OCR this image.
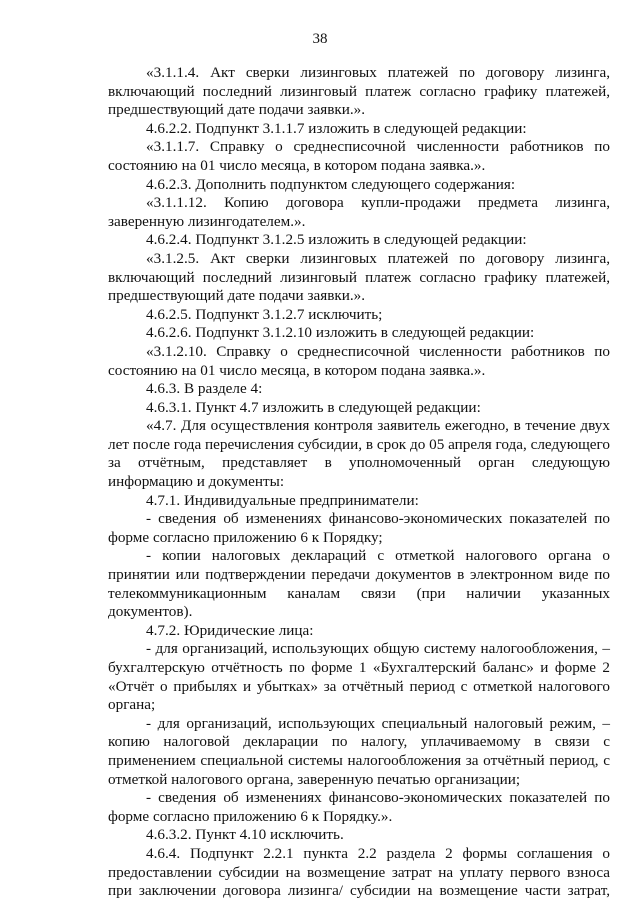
38

«3.1.1.4. Акт сверки лизинговых платежей по договору лизинга,

включающий последний лизинговый платеж согласно графику платежей,

предшествующий дате подачи заявки.».

4.6.2.2. Подпункт 3.1.1.7 изложить в следующей редакции:

«3.1.1.7. Справку о среднесписочной численности работников по

состоянию на 01 число месяца, в котором подана заявка.».

4.6.2.3. Дополнить подпунктом следующего содержания:

«3.1.1.12. Копию договора купли-продажи предмета лизинга,

заверенную лизингодателем.».

4.6.2.4. Подпункт 3.1.2.5 изложить в следующей редакции:

«3.1.2.5. Акт сверки лизинговых платежей по договору лизинга,

включающий последний лизинговый платеж согласно графику платежей,

предшествующий дате подачи заявки.».

4.6.2.5. Подпункт 3.1.2.7 исключить;

4.6.2.6. Подпункт 3.1.2.10 изложить в следующей редакции:

«3.1.2.10. Справку о среднесписочной численности работников по

состоянию на 01 число месяца, в котором подана заявка.».

4.6.3. В разделе 4:

4.6.3.1. Пункт 4.7 изложить в следующей редакции:

«4.7. Для осуществления контроля заявитель ежегодно, в течение двух

лет после года перечисления субсидии, в срок до 05 апреля года, следующего

за отчётным, представляет в уполномоченный орган следующую

информацию и документы:

4.7.1. Индивидуальные предприниматели:

- сведения об изменениях финансово-экономических показателей по

форме согласно приложению 6 к Порядку;

- копии налоговых деклараций с отметкой налогового органа о

принятии или подтверждении передачи документов в электронном виде по

телекоммуникационным каналам связи (при наличии указанных

документов).

4.7.2. Юридические лица:

- для организаций, использующих общую систему налогообложения, –

бухгалтерскую отчётность по форме 1 «Бухгалтерский баланс» и форме 2

«Отчёт о прибылях и убытках» за отчётный период с отметкой налогового

органа;

- для организаций, использующих специальный налоговый режим, –

копию налоговой декларации по налогу, уплачиваемому в связи с

применением специальной системы налогообложения за отчётный период, с

отметкой налогового органа, заверенную печатью организации;

- сведения об изменениях финансово-экономических показателей по

форме согласно приложению 6 к Порядку.».

4.6.3.2. Пункт 4.10 исключить.

4.6.4. Подпункт 2.2.1 пункта 2.2 раздела 2 формы соглашения о

предоставлении субсидии на возмещение затрат на уплату первого взноса

при заключении договора лизинга/ субсидии на возмещение части затрат,
